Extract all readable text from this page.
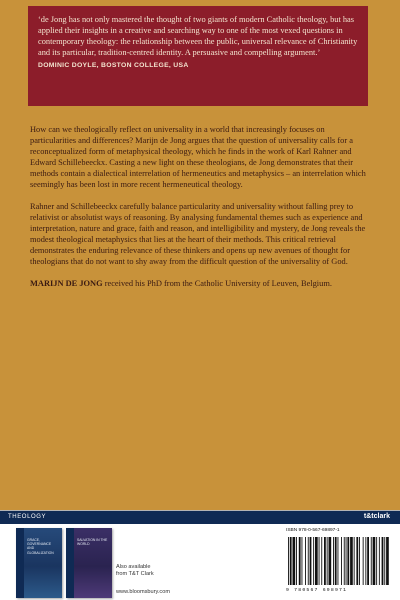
‘de Jong has not only mastered the thought of two giants of modern Catholic theology, but has applied their insights in a creative and searching way to one of the most vexed questions in contemporary theology: the relationship between the public, universal relevance of Christianity and its particular, tradition-centred identity. A persuasive and compelling argument.’

DOMINIC DOYLE, BOSTON COLLEGE, USA

How can we theologically reflect on universality in a world that increasingly focuses on particularities and differences? Marijn de Jong argues that the question of universality calls for a reconceptualized form of metaphysical theology, which he finds in the work of Karl Rahner and Edward Schillebeeckx. Casting a new light on these theologians, de Jong demonstrates that their methods contain a dialectical interrelation of hermeneutics and metaphysics – an interrelation which seemingly has been lost in more recent hermeneutical theology.

Rahner and Schillebeeckx carefully balance particularity and universality without falling prey to relativist or absolutist ways of reasoning. By analysing fundamental themes such as experience and interpretation, nature and grace, faith and reason, and intelligibility and mystery, de Jong reveals the modest theological metaphysics that lies at the heart of their methods. This critical retrieval demonstrates the enduring relevance of these thinkers and opens up new avenues of thought for theologians that do not want to shy away from the difficult question of the universality of God.

MARIJN DE JONG received his PhD from the Catholic University of Leuven, Belgium.

THEOLOGY	t&tclark
GRACE, GOVERNANCE AND GLOBALIZATION
SALVATION IN THE WORLD
Also available
from T&T Clark
www.bloomsbury.com
ISBN 978-0-567-69897-1
9 780567 698971
